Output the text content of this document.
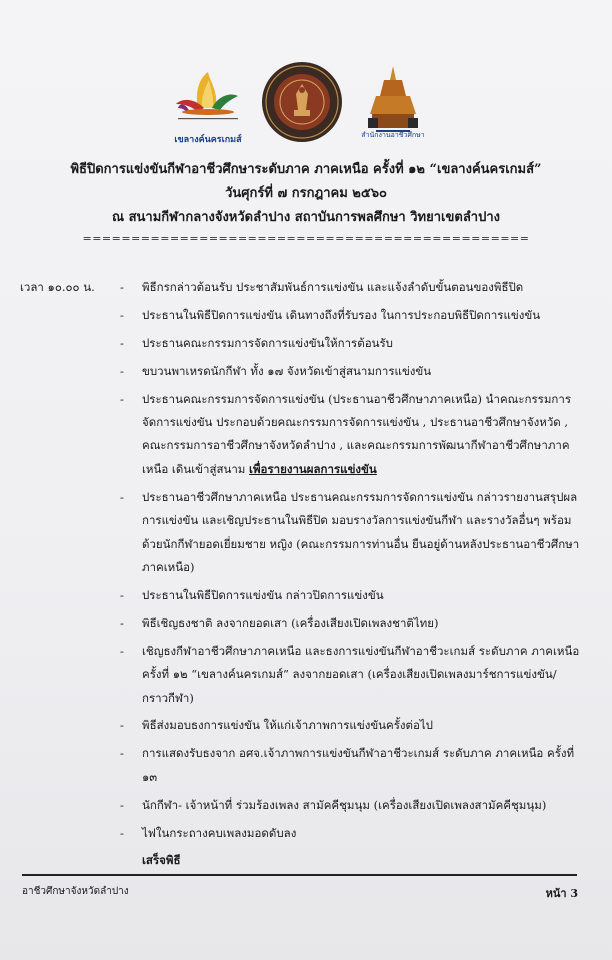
เขลางค์นครเกมส์	สำนักงานอาชีวศึกษา
พิธีปิดการแข่งขันกีฬาอาชีวศึกษาระดับภาค ภาคเหนือ ครั้งที่ ๑๒ “เขลางค์นครเกมส์”
วันศุกร์ที่ ๗ กรกฎาคม ๒๕๖๐
ณ สนามกีฬากลางจังหวัดลำปาง สถาบันการพลศึกษา วิทยาเขตลำปาง
==============================================
เวลา ๑๐.๐๐ น.	-	พิธีกรกล่าวต้อนรับ ประชาสัมพันธ์การแข่งขัน และแจ้งลำดับขั้นตอนของพิธีปิด
-	ประธานในพิธีปิดการแข่งขัน เดินทางถึงที่รับรอง ในการประกอบพิธีปิดการแข่งขัน
-	ประธานคณะกรรมการจัดการแข่งขันให้การต้อนรับ
-	ขบวนพาเหรดนักกีฬา ทั้ง ๑๗ จังหวัดเข้าสู่สนามการแข่งขัน
-	ประธานคณะกรรมการจัดการแข่งขัน (ประธานอาชีวศึกษาภาคเหนือ) นำคณะกรรมการจัดการแข่งขัน ประกอบด้วยคณะกรรมการจัดการแข่งขัน , ประธานอาชีวศึกษาจังหวัด , คณะกรรมการอาชีวศึกษาจังหวัดลำปาง , และคณะกรรมการพัฒนากีฬาอาชีวศึกษาภาคเหนือ เดินเข้าสู่สนาม เพื่อรายงานผลการแข่งขัน
-	ประธานอาชีวศึกษาภาคเหนือ ประธานคณะกรรมการจัดการแข่งขัน กล่าวรายงานสรุปผลการแข่งขัน และเชิญประธานในพิธีปิด มอบรางวัลการแข่งขันกีฬา และรางวัลอื่นๆ พร้อมด้วยนักกีฬายอดเยี่ยมชาย หญิง (คณะกรรมการท่านอื่น ยืนอยู่ด้านหลังประธานอาชีวศึกษาภาคเหนือ)
-	ประธานในพิธีปิดการแข่งขัน กล่าวปิดการแข่งขัน
-	พิธีเชิญธงชาติ ลงจากยอดเสา (เครื่องเสียงเปิดเพลงชาติไทย)
-	เชิญธงกีฬาอาชีวศึกษาภาคเหนือ และธงการแข่งขันกีฬาอาชีวะเกมส์ ระดับภาค ภาคเหนือ ครั้งที่ ๑๒ “เขลางค์นครเกมส์” ลงจากยอดเสา (เครื่องเสียงเปิดเพลงมาร์ชการแข่งขัน/กราวกีฬา)
-	พิธีส่งมอบธงการแข่งขัน ให้แก่เจ้าภาพการแข่งขันครั้งต่อไป
-	การแสดงรับธงจาก อศจ.เจ้าภาพการแข่งขันกีฬาอาชีวะเกมส์ ระดับภาค ภาคเหนือ ครั้งที่ ๑๓
-	นักกีฬา- เจ้าหน้าที่ ร่วมร้องเพลง สามัคคีชุมนุม (เครื่องเสียงเปิดเพลงสามัคคีชุมนุม)
-	ไฟในกระถางคบเพลงมอดดับลง
เสร็จพิธี
อาชีวศึกษาจังหวัดลำปาง	หน้า 3
